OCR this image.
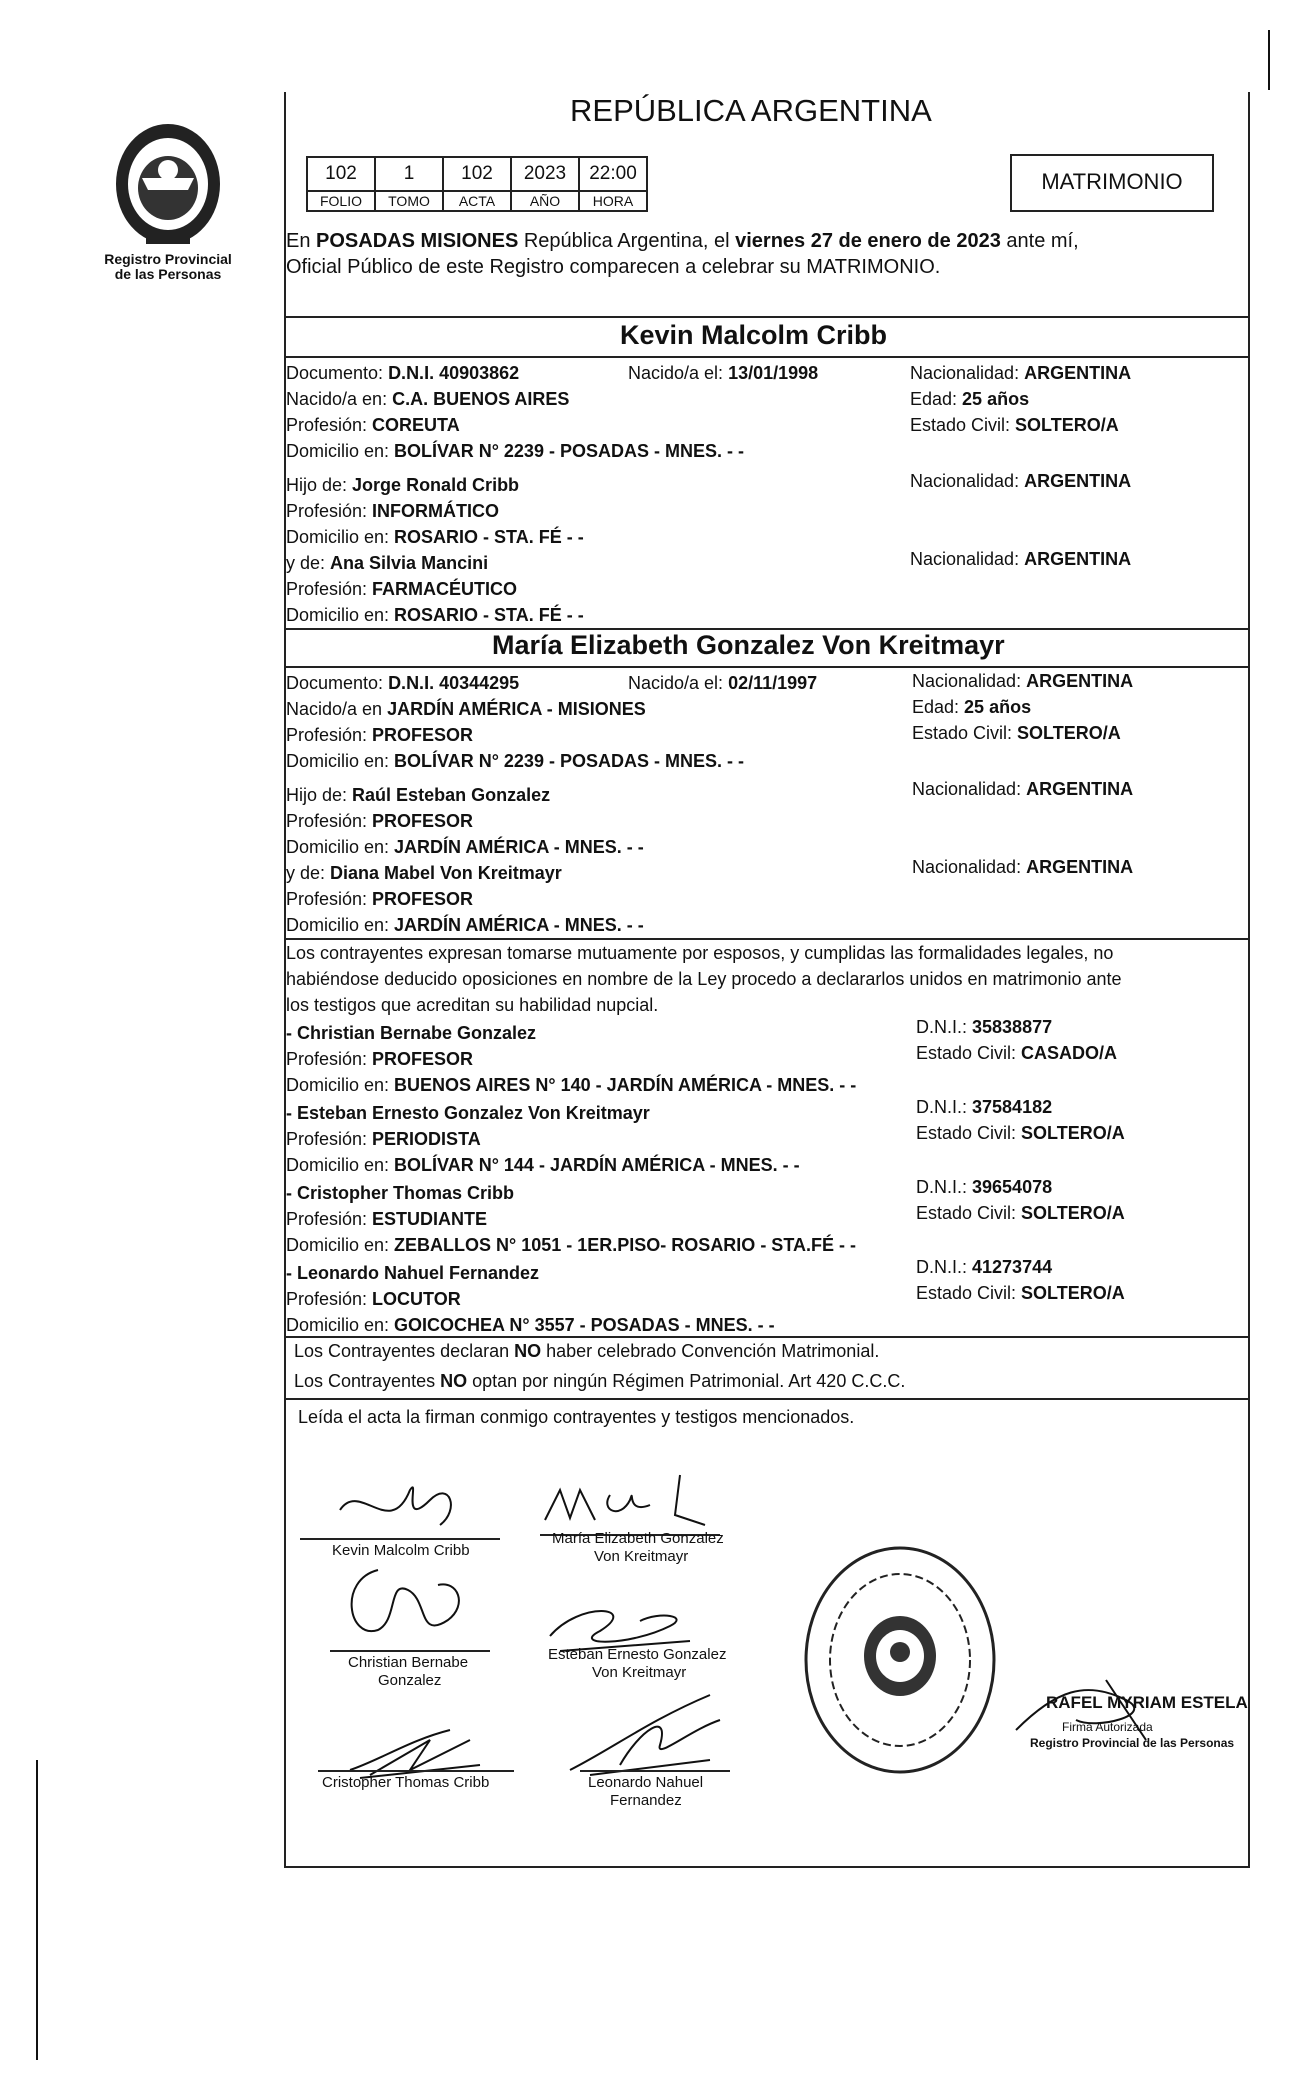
Registro Provincial
de las Personas
REPÚBLICA ARGENTINA
102	1	102	2023	22:00
FOLIO	TOMO	ACTA	AÑO	HORA
MATRIMONIO
En POSADAS MISIONES República Argentina, el viernes 27 de enero de 2023 ante mí,
Oficial Público de este Registro comparecen a celebrar su MATRIMONIO.
Kevin Malcolm Cribb
Documento: D.N.I. 40903862	Nacido/a el: 13/01/1998	Nacionalidad: ARGENTINA
Nacido/a en: C.A. BUENOS AIRES	Edad: 25 años
Profesión: COREUTA	Estado Civil: SOLTERO/A
Domicilio en: BOLÍVAR N° 2239 - POSADAS - MNES. - -
Hijo de: Jorge Ronald Cribb	Nacionalidad: ARGENTINA
Profesión: INFORMÁTICO
Domicilio en: ROSARIO - STA. FÉ - -
y de: Ana Silvia Mancini	Nacionalidad: ARGENTINA
Profesión: FARMACÉUTICO
Domicilio en: ROSARIO - STA. FÉ - -
María Elizabeth Gonzalez Von Kreitmayr
Documento: D.N.I. 40344295	Nacido/a el: 02/11/1997	Nacionalidad: ARGENTINA
Nacido/a en JARDÍN AMÉRICA - MISIONES	Edad: 25 años
Profesión: PROFESOR	Estado Civil: SOLTERO/A
Domicilio en: BOLÍVAR N° 2239 - POSADAS - MNES. - -
Hijo de: Raúl Esteban Gonzalez	Nacionalidad: ARGENTINA
Profesión: PROFESOR
Domicilio en: JARDÍN AMÉRICA - MNES. - -
y de: Diana Mabel Von Kreitmayr	Nacionalidad: ARGENTINA
Profesión: PROFESOR
Domicilio en: JARDÍN AMÉRICA - MNES. - -
Los contrayentes expresan tomarse mutuamente por esposos, y cumplidas las formalidades legales, no
habiéndose deducido oposiciones en nombre de la Ley procedo a declararlos unidos en matrimonio ante
los testigos que acreditan su habilidad nupcial.
- Christian Bernabe Gonzalez	D.N.I.: 35838877
Profesión: PROFESOR	Estado Civil: CASADO/A
Domicilio en: BUENOS AIRES N° 140 - JARDÍN AMÉRICA - MNES. - -
- Esteban Ernesto Gonzalez Von Kreitmayr	D.N.I.: 37584182
Profesión: PERIODISTA	Estado Civil: SOLTERO/A
Domicilio en: BOLÍVAR N° 144 - JARDÍN AMÉRICA - MNES. - -
- Cristopher Thomas Cribb	D.N.I.: 39654078
Profesión: ESTUDIANTE	Estado Civil: SOLTERO/A
Domicilio en: ZEBALLOS N° 1051 - 1ER.PISO- ROSARIO - STA.FÉ - -
- Leonardo Nahuel Fernandez	D.N.I.: 41273744
Profesión: LOCUTOR	Estado Civil: SOLTERO/A
Domicilio en: GOICOCHEA N° 3557 - POSADAS - MNES. - -
Los Contrayentes declaran NO haber celebrado Convención Matrimonial.
Los Contrayentes NO optan por ningún Régimen Patrimonial. Art 420 C.C.C.
Leída el acta la firman conmigo contrayentes y testigos mencionados.
Kevin Malcolm Cribb
María Elizabeth Gonzalez
Von Kreitmayr
Christian Bernabe
Gonzalez
Esteban Ernesto Gonzalez
Von Kreitmayr
Cristopher Thomas Cribb	Leonardo Nahuel
Fernandez
RAFEL MYRIAM ESTELA
Firma Autorizada
Registro Provincial de las Personas
